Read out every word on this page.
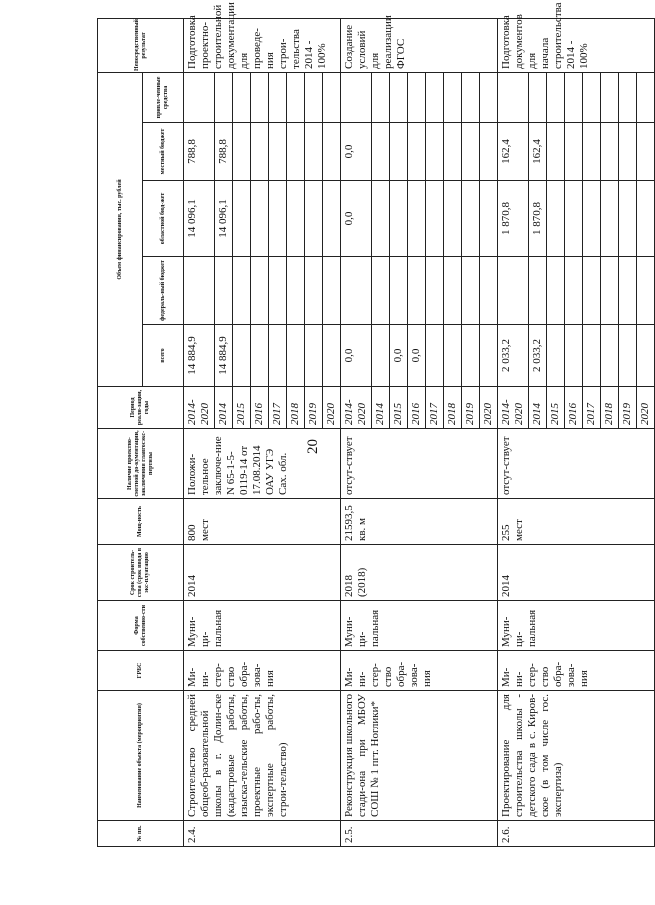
20
№ пп.	Наименование объекта (мероприятия)	ГРБС	Форма собственно-сти	Срок строитель-ства (срок ввода в экс-плуатацию	Мощ-ность	Наличие проектно-сметной до-кументации, заключения главгосэкс-пертизы	Период реали-зации, годы	Объем финансирования, тыс. рублей					Непосредственный результат
								всего	федераль-ный бюджет	областной бюд-жет	местный бюджет	привле-ченные средства	
2.4.	Строительство средней общеоб-разовательной школы в г. Долин-ске (кадастровые работы, изыска-тельские работы, проектные рабо-ты, экспертные работы, строи-тельство)	Ми-ни-стер-ство обра-зова-ния	Муни-ци-пальная	2014	800 мест	Положи-тельное заключе-ние N 65-1-5-0119-14 от 17.08.2014 ОАУ УГЭ Сах. обл.	2014-2020	14 884,9		14 096,1	788,8		Подготовка проектно-строительной документации для проведе-ния строи-тельства 2014 - 100%
							2014	14 884,9		14 096,1	788,8		
							2015						
							2016						
							2017						
							2018						
							2019						
							2020						
2.5.	Реконструкция школьного стади-она при МБОУ СОШ № 1 пгт. Ноглики*	Ми-ни-стер-ство обра-зова-ния	Муни-ци-пальная	2018 (2018)	21593,5 кв. м	отсут-ствует	2014-2020	0,0		0,0	0,0		Создание условий для реализации ФГОС
							2014						
							2015	0,0					
							2016	0,0					
							2017						
							2018						
							2019						
							2020						
2.6.	Проектирование для строительства школы - детского сада в с. Киров-ское (в том числе гос. экспертиза)	Ми-ни-стер-ство обра-зова-ния	Муни-ци-пальная	2014	255 мест	отсут-ствует	2014-2020	2 033,2		1 870,8	162,4		Подготовка документов для начала строительства 2014 - 100%
							2014	2 033,2		1 870,8	162,4		
							2015						
							2016						
							2017						
							2018						
							2019						
							2020						
